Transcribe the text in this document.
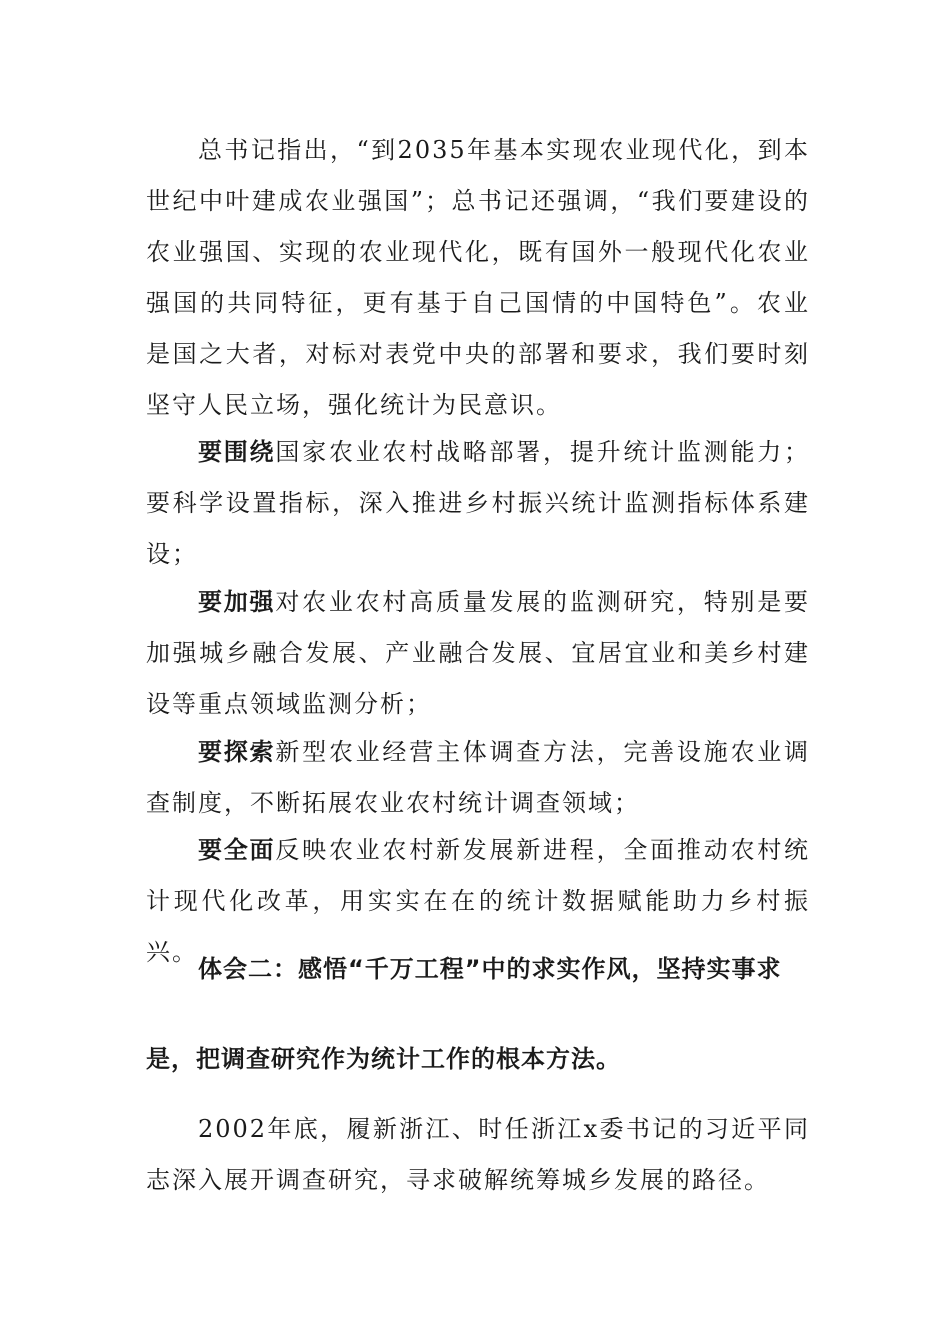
总书记指出，“到2035年基本实现农业现代化，到本世纪中叶建成农业强国”；总书记还强调，“我们要建设的农业强国、实现的农业现代化，既有国外一般现代化农业强国的共同特征，更有基于自己国情的中国特色”。农业是国之大者，对标对表党中央的部署和要求，我们要时刻坚守人民立场，强化统计为民意识。

要围绕国家农业农村战略部署，提升统计监测能力；要科学设置指标，深入推进乡村振兴统计监测指标体系建设；

要加强对农业农村高质量发展的监测研究，特别是要加强城乡融合发展、产业融合发展、宜居宜业和美乡村建设等重点领域监测分析；

要探索新型农业经营主体调查方法，完善设施农业调查制度，不断拓展农业农村统计调查领域；

要全面反映农业农村新发展新进程，全面推动农村统计现代化改革，用实实在在的统计数据赋能助力乡村振兴。

体会二：感悟“千万工程”中的求实作风，坚持实事求是，把调查研究作为统计工作的根本方法。

2002年底，履新浙江、时任浙江x委书记的习近平同志深入展开调查研究，寻求破解统筹城乡发展的路径。
